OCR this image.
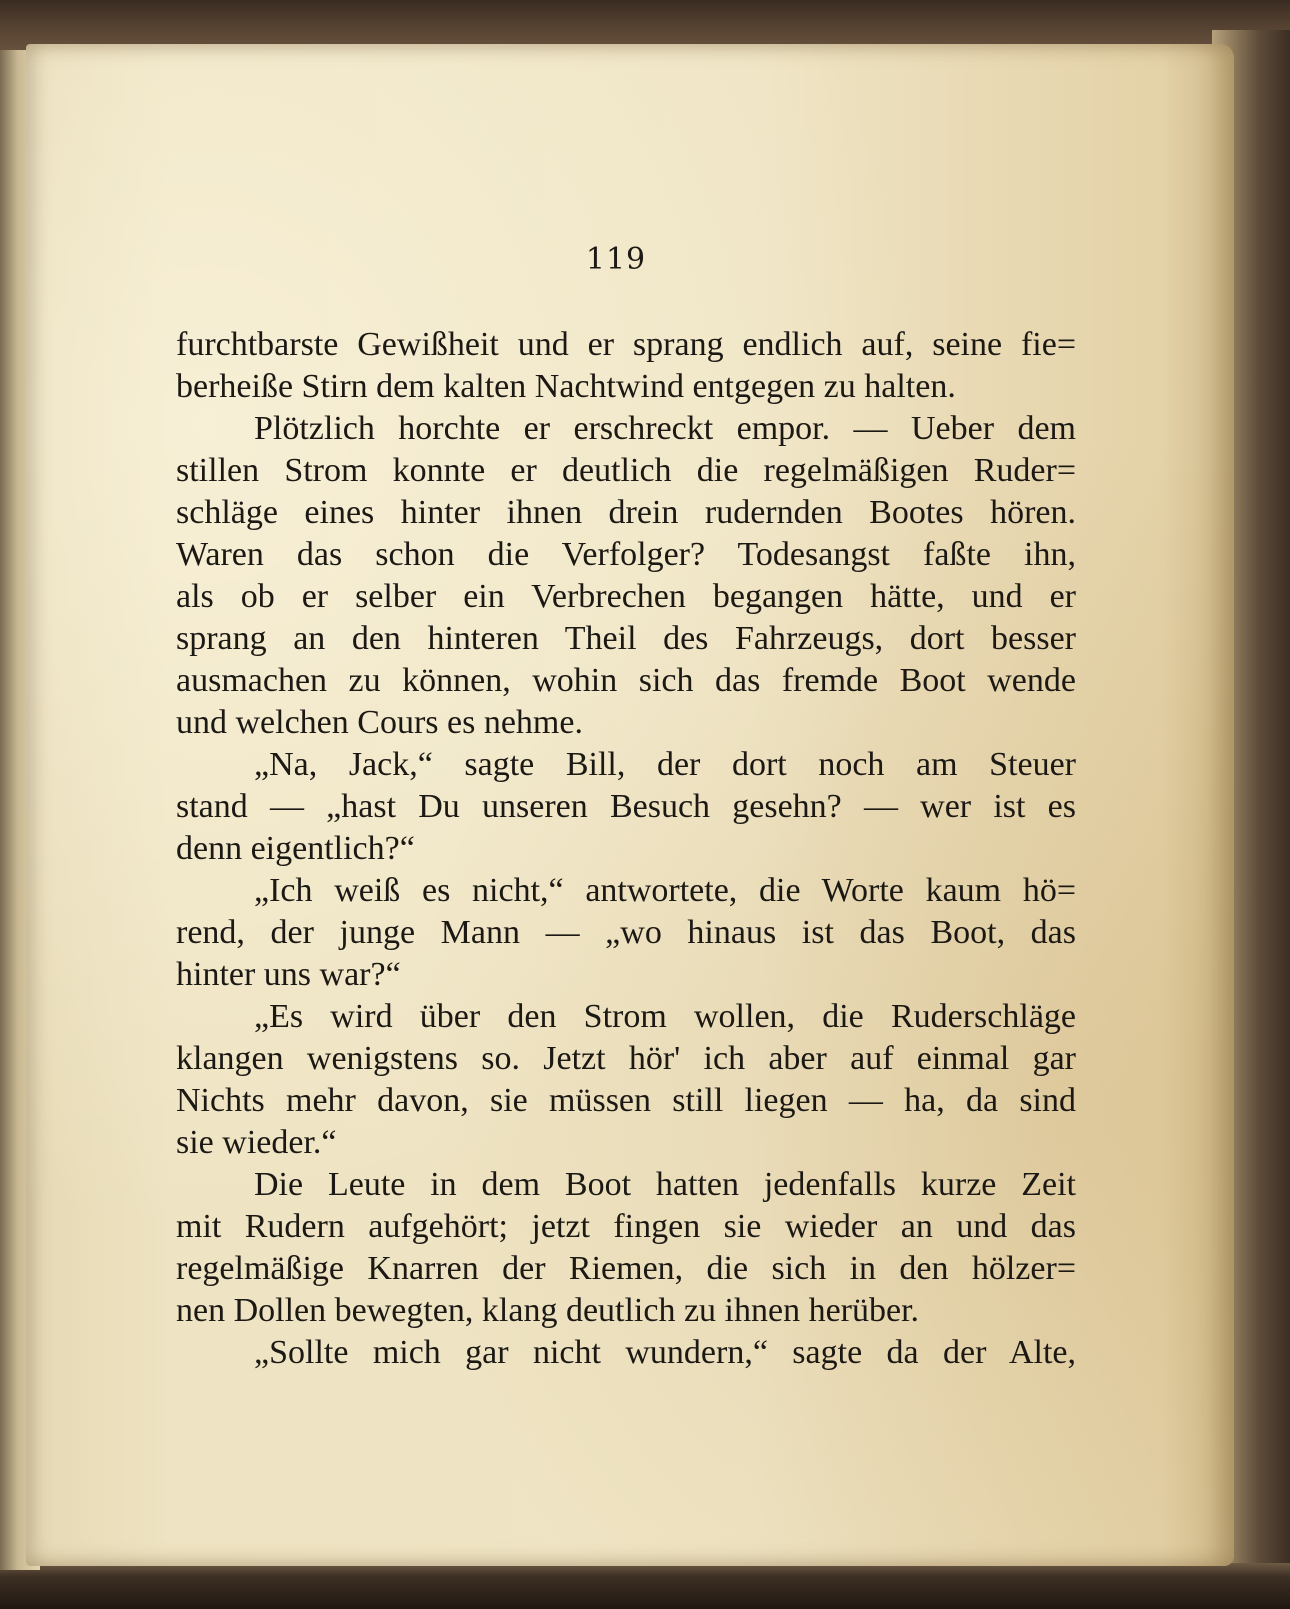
119
furchtbarste Gewißheit und er sprang endlich auf, seine fie=
berheiße Stirn dem kalten Nachtwind entgegen zu halten.
Plötzlich horchte er erschreckt empor. — Ueber dem
stillen Strom konnte er deutlich die regelmäßigen Ruder=
schläge eines hinter ihnen drein rudernden Bootes hören.
Waren das schon die Verfolger? Todesangst faßte ihn,
als ob er selber ein Verbrechen begangen hätte, und er
sprang an den hinteren Theil des Fahrzeugs, dort besser
ausmachen zu können, wohin sich das fremde Boot wende
und welchen Cours es nehme.
„Na, Jack,“ sagte Bill, der dort noch am Steuer
stand — „hast Du unseren Besuch gesehn? — wer ist es
denn eigentlich?“
„Ich weiß es nicht,“ antwortete, die Worte kaum hö=
rend, der junge Mann — „wo hinaus ist das Boot, das
hinter uns war?“
„Es wird über den Strom wollen, die Ruderschläge
klangen wenigstens so. Jetzt hör' ich aber auf einmal gar
Nichts mehr davon, sie müssen still liegen — ha, da sind
sie wieder.“
Die Leute in dem Boot hatten jedenfalls kurze Zeit
mit Rudern aufgehört; jetzt fingen sie wieder an und das
regelmäßige Knarren der Riemen, die sich in den hölzer=
nen Dollen bewegten, klang deutlich zu ihnen herüber.
„Sollte mich gar nicht wundern,“ sagte da der Alte,
